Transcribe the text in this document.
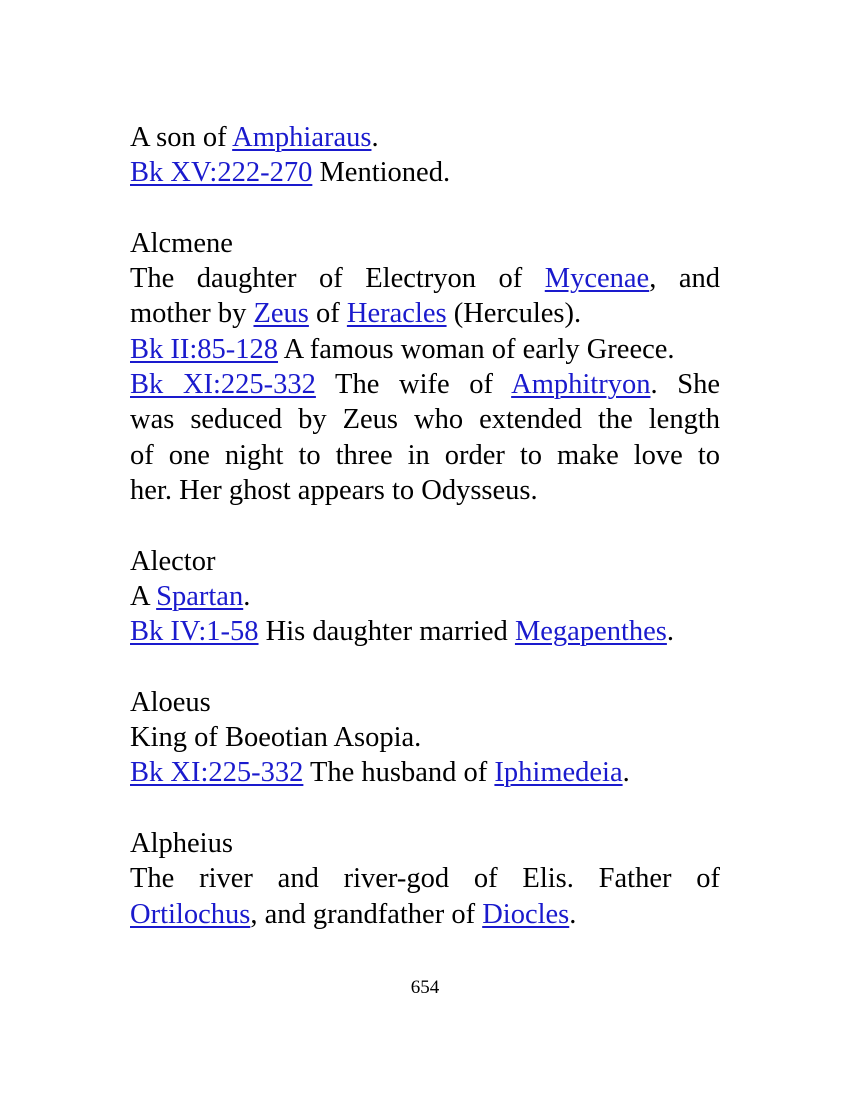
A son of Amphiaraus.
Bk XV:222-270 Mentioned.
Alcmene
The daughter of Electryon of Mycenae, and
mother by Zeus of Heracles (Hercules).
Bk II:85-128 A famous woman of early Greece.
Bk XI:225-332 The wife of Amphitryon. She
was seduced by Zeus who extended the length
of one night to three in order to make love to
her. Her ghost appears to Odysseus.
Alector
A Spartan.
Bk IV:1-58 His daughter married Megapenthes.
Aloeus
King of Boeotian Asopia.
Bk XI:225-332 The husband of Iphimedeia.
Alpheius
The river and river-god of Elis. Father of
Ortilochus, and grandfather of Diocles.
654
